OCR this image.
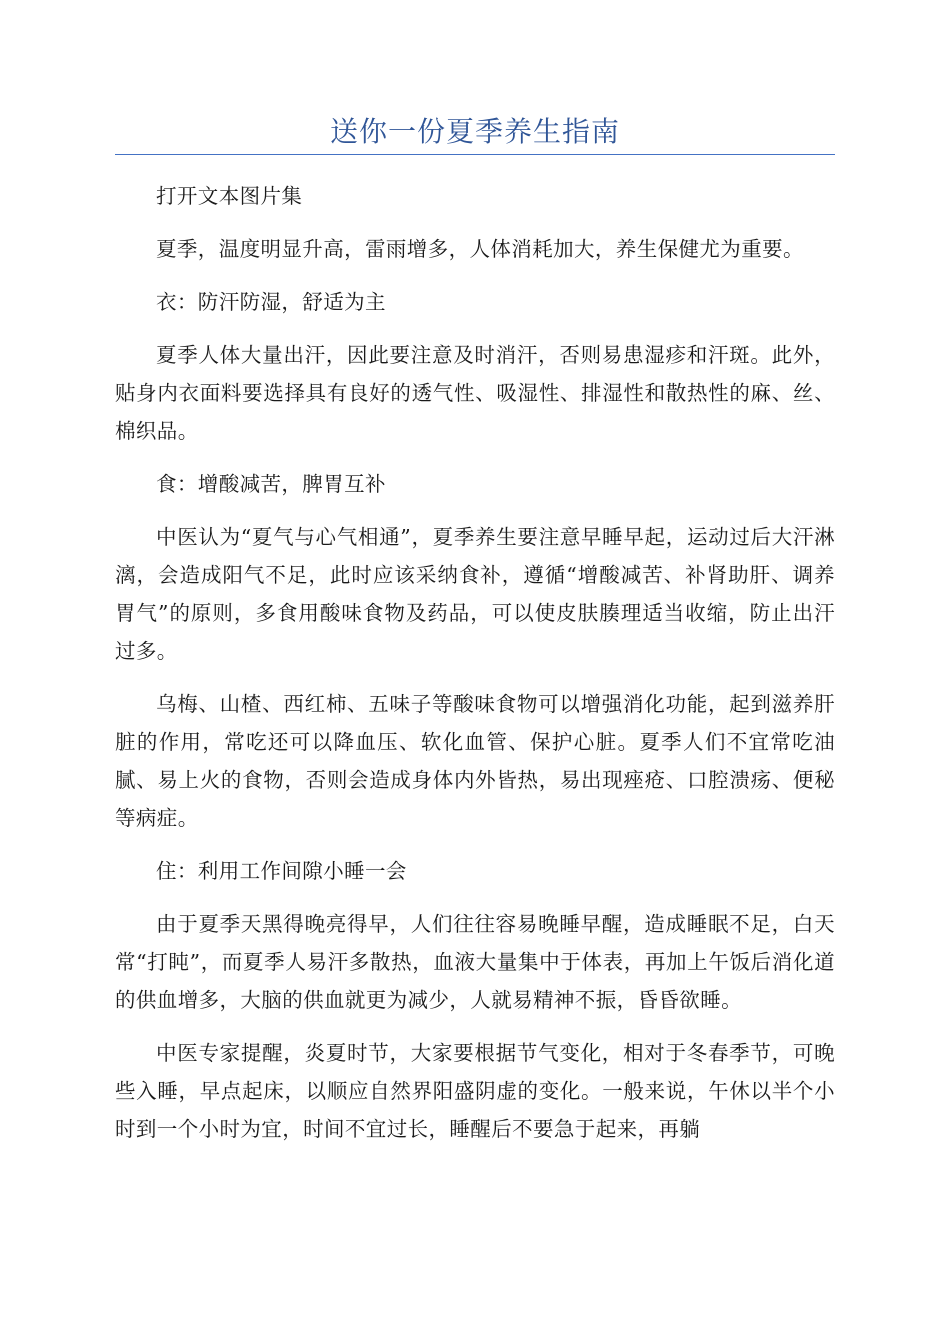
送你一份夏季养生指南

打开文本图片集

夏季，温度明显升高，雷雨增多，人体消耗加大，养生保健尤为重要。

衣：防汗防湿，舒适为主

夏季人体大量出汗，因此要注意及时消汗，否则易患湿疹和汗斑。此外，贴身内衣面料要选择具有良好的透气性、吸湿性、排湿性和散热性的麻、丝、棉织品。

食：增酸减苦，脾胃互补

中医认为“夏气与心气相通”，夏季养生要注意早睡早起，运动过后大汗淋漓，会造成阳气不足，此时应该采纳食补，遵循“增酸减苦、补肾助肝、调养胃气”的原则，多食用酸味食物及药品，可以使皮肤腠理适当收缩，防止出汗过多。

乌梅、山楂、西红柿、五味子等酸味食物可以增强消化功能，起到滋养肝脏的作用，常吃还可以降血压、软化血管、保护心脏。夏季人们不宜常吃油腻、易上火的食物，否则会造成身体内外皆热，易出现痤疮、口腔溃疡、便秘等病症。

住：利用工作间隙小睡一会

由于夏季天黑得晚亮得早，人们往往容易晚睡早醒，造成睡眠不足，白天常“打盹”，而夏季人易汗多散热，血液大量集中于体表，再加上午饭后消化道的供血增多，大脑的供血就更为减少，人就易精神不振，昏昏欲睡。

中医专家提醒，炎夏时节，大家要根据节气变化，相对于冬春季节，可晚些入睡，早点起床，以顺应自然界阳盛阴虚的变化。一般来说，午休以半个小时到一个小时为宜，时间不宜过长，睡醒后不要急于起来，再躺
